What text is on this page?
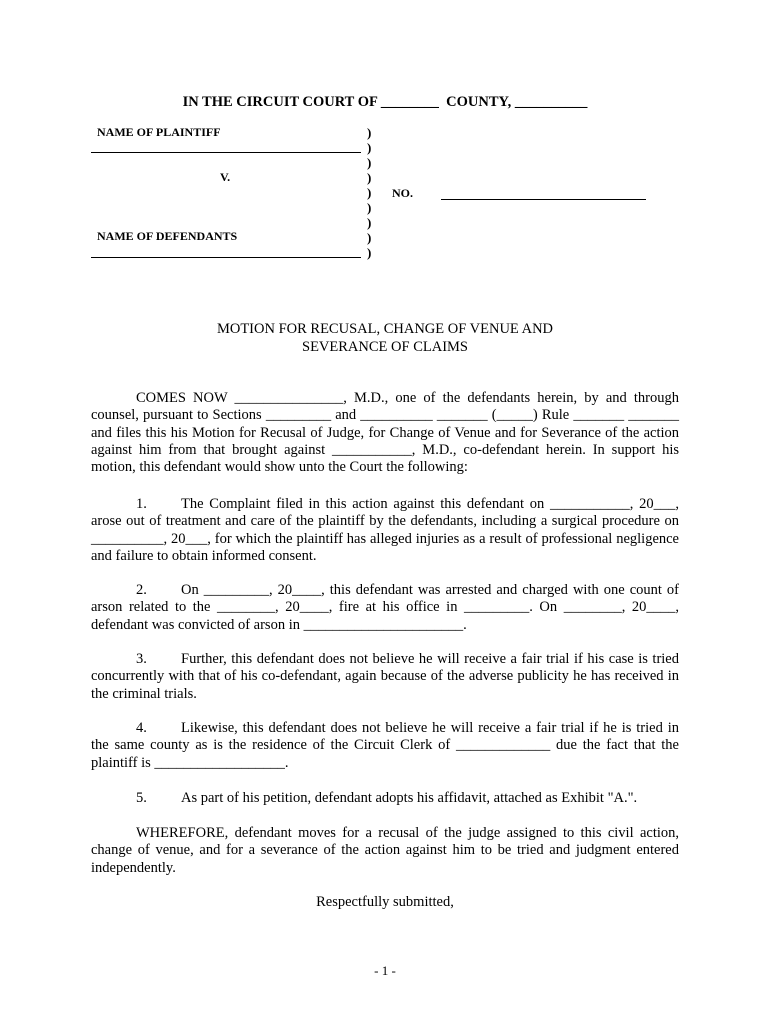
IN THE CIRCUIT COURT OF ________  COUNTY, __________
NAME OF PLAINTIFF
V.
NAME OF DEFENDANTS
)
)
)
)
)
)
)
)
)
NO.
MOTION FOR RECUSAL, CHANGE OF VENUE AND
SEVERANCE OF CLAIMS
COMES NOW _______________, M.D., one of the defendants herein, by and through counsel, pursuant to Sections _________ and __________ _______ (_____) Rule _______ _______ and files this his Motion for Recusal of Judge, for Change of Venue and for Severance of the action against him from that brought against ___________, M.D., co-defendant herein. In support his motion, this defendant would show unto the Court the following:
1. The Complaint filed in this action against this defendant on ___________, 20___, arose out of treatment and care of the plaintiff by the defendants, including a surgical procedure on __________, 20___, for which the plaintiff has alleged injuries as a result of professional negligence and failure to obtain informed consent.
2. On _________, 20____, this defendant was arrested and charged with one count of arson related to the ________, 20____, fire at his office in _________. On ________, 20____, defendant was convicted of arson in ______________________.
3. Further, this defendant does not believe he will receive a fair trial if his case is tried concurrently with that of his co-defendant, again because of the adverse publicity he has received in the criminal trials.
4. Likewise, this defendant does not believe he will receive a fair trial if he is tried in the same county as is the residence of the Circuit Clerk of _____________ due the fact that the plaintiff is __________________.
5. As part of his petition, defendant adopts his affidavit, attached as Exhibit "A.".
WHEREFORE, defendant moves for a recusal of the judge assigned to this civil action, change of venue, and for a severance of the action against him to be tried and judgment entered independently.
Respectfully submitted,
- 1 -
